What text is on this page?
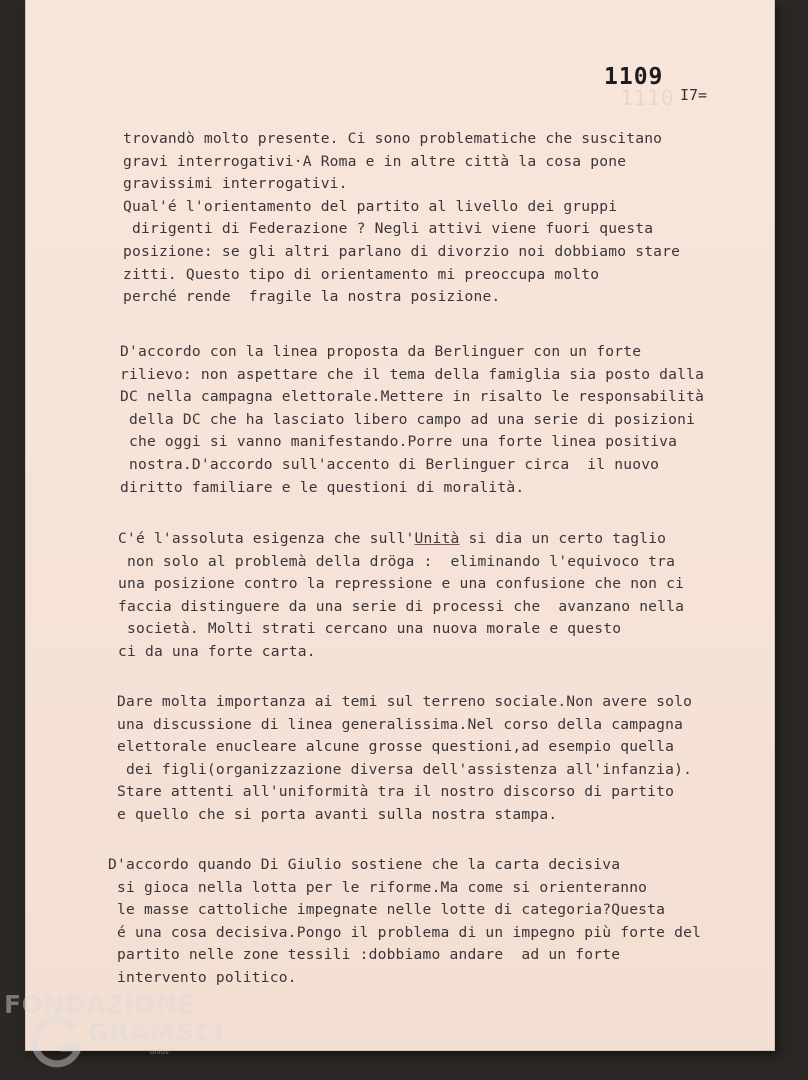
1110
1109
I7=
trovandò molto presente. Ci sono problematiche che suscitano
gravi interrogativi·A Roma e in altre città la cosa pone
gravissimi interrogativi.
Qual'é l'orientamento del partito al livello dei gruppi
dirigenti di Federazione ? Negli attivi viene fuori questa
posizione: se gli altri parlano di divorzio noi dobbiamo stare
zitti. Questo tipo di orientamento mi preoccupa molto
perché rende  fragile la nostra posizione.
D'accordo con la linea proposta da Berlinguer con un forte
rilievo: non aspettare che il tema della famiglia sia posto dalla
DC nella campagna elettorale.Mettere in risalto le responsabilità
della DC che ha lasciato libero campo ad una serie di posizioni
che oggi si vanno manifestando.Porre una forte linea positiva
nostra.D'accordo sull'accento di Berlinguer circa  il nuovo
diritto familiare e le questioni di moralità.
C'é l'assoluta esigenza che sull'Unità si dia un certo taglio
non solo al problemà della dröga :  eliminando l'equivoco tra
una posizione contro la repressione e una confusione che non ci
faccia distinguere da una serie di processi che  avanzano nella
società. Molti strati cercano una nuova morale e questo
ci da una forte carta.
Dare molta importanza ai temi sul terreno sociale.Non avere solo
una discussione di linea generalissima.Nel corso della campagna
elettorale enucleare alcune grosse questioni,ad esempio quella
dei figli(organizzazione diversa dell'assistenza all'infanzia).
Stare attenti all'uniformità tra il nostro discorso di partito
e quello che si porta avanti sulla nostra stampa.
D'accordo quando Di Giulio sostiene che la carta decisiva
si gioca nella lotta per le riforme.Ma come si orienteranno
le masse cattoliche impegnate nelle lotte di categoria?Questa
é una cosa decisiva.Pongo il problema di un impegno più forte del
partito nelle zone tessili :dobbiamo andare  ad un forte
intervento politico.
FONDAZIONE
GRAMSCI
onlus
